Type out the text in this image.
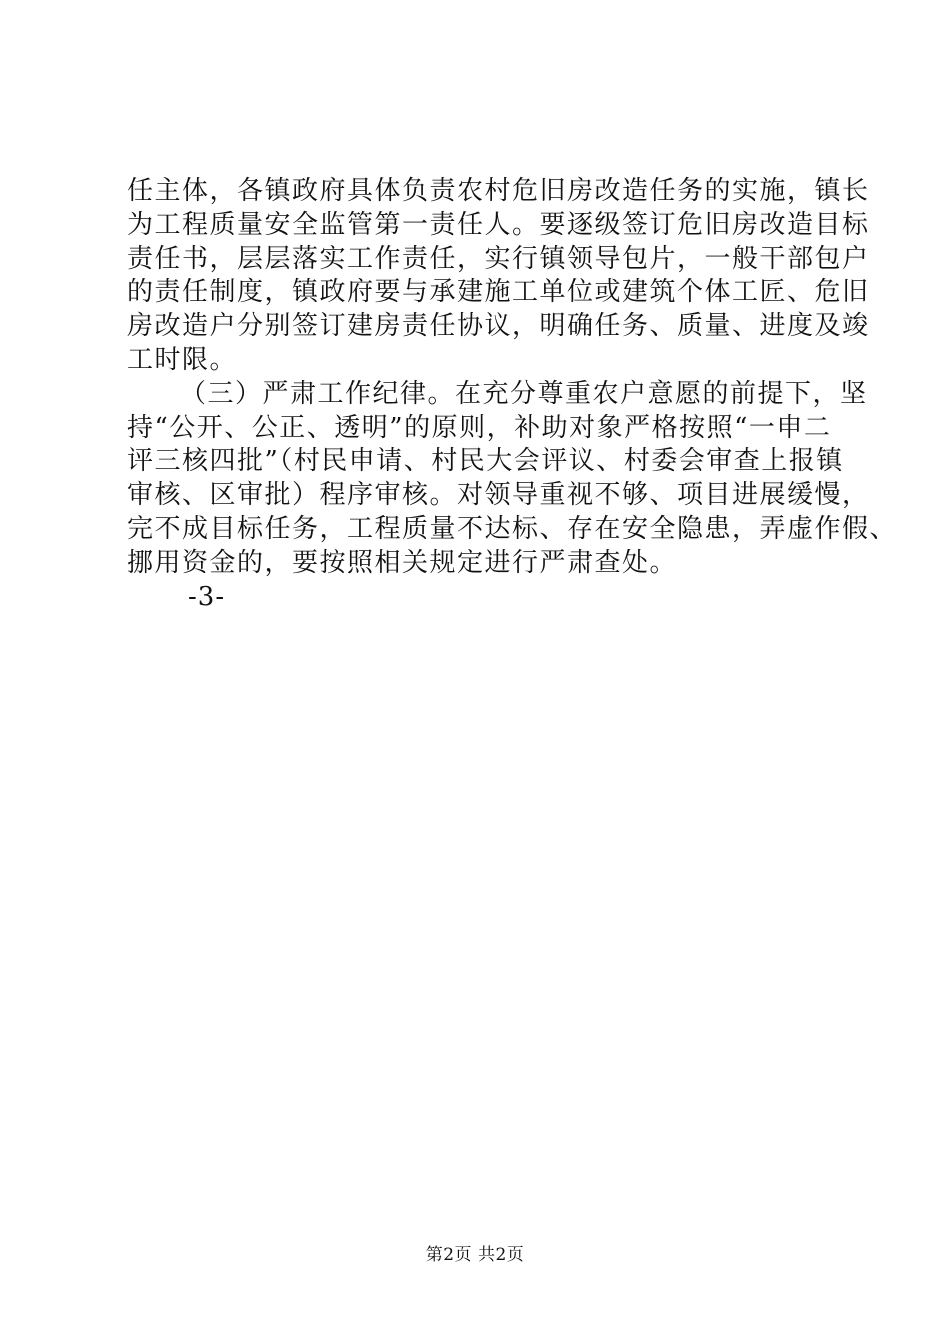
任主体，各镇政府具体负责农村危旧房改造任务的实施，镇长
为工程质量安全监管第一责任人。要逐级签订危旧房改造目标
责任书，层层落实工作责任，实行镇领导包片，一般干部包户
的责任制度，镇政府要与承建施工单位或建筑个体工匠、危旧
房改造户分别签订建房责任协议，明确任务、质量、进度及竣
工时限。
（三）严肃工作纪律。在充分尊重农户意愿的前提下，坚
持“公开、公正、透明”的原则，补助对象严格按照“一申二
评三核四批”（村民申请、村民大会评议、村委会审查上报镇
审核、区审批）程序审核。对领导重视不够、项目进展缓慢，
完不成目标任务，工程质量不达标、存在安全隐患，弄虚作假、
挪用资金的，要按照相关规定进行严肃查处。
第2页 共2页
-3-
